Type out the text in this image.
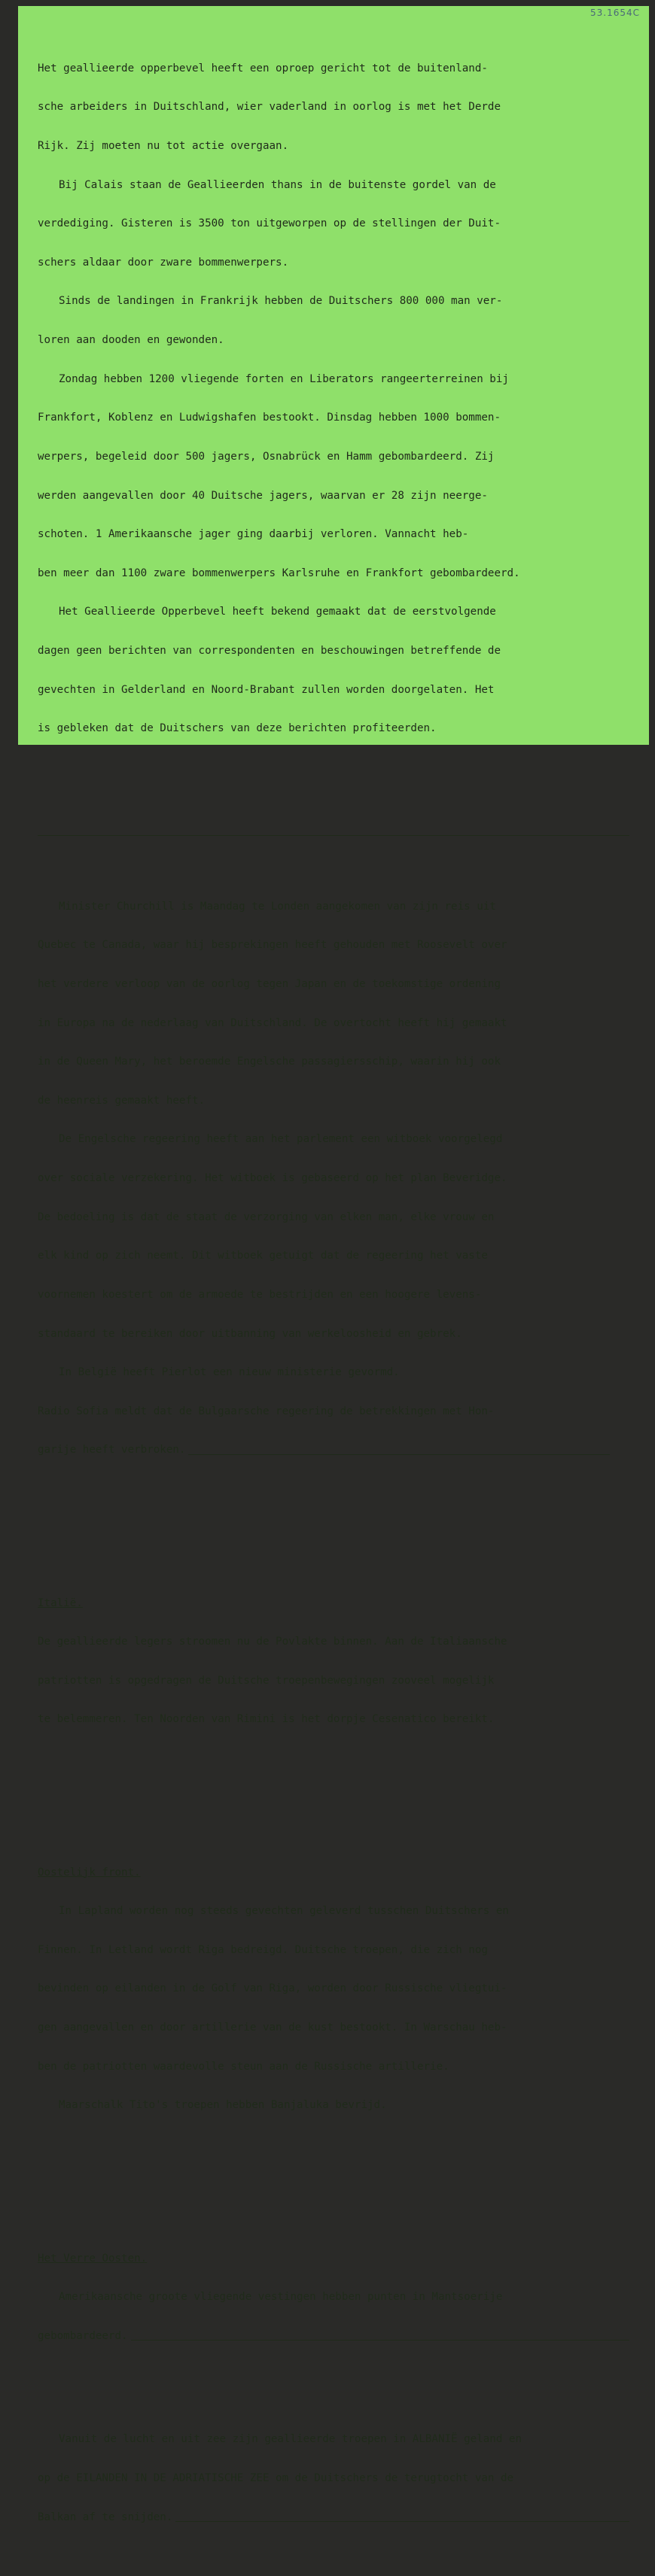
53.1654C

Het geallieerde opperbevel heeft een oproep gericht tot de buitenland-

sche arbeiders in Duitschland, wier vaderland in oorlog is met het Derde

Rijk. Zij moeten nu tot actie overgaan.

Bij Calais staan de Geallieerden thans in de buitenste gordel van de

verdediging. Gisteren is 3500 ton uitgeworpen op de stellingen der Duit-

schers aldaar door zware bommenwerpers.

Sinds de landingen in Frankrijk hebben de Duitschers 800 000 man ver-

loren aan dooden en gewonden.

Zondag hebben 1200 vliegende forten en Liberators rangeerterreinen bij

Frankfort, Koblenz en Ludwigshafen bestookt. Dinsdag hebben 1000 bommen-

werpers, begeleid door 500 jagers, Osnabrück en Hamm gebombardeerd. Zij

werden aangevallen door 40 Duitsche jagers, waarvan er 28 zijn neerge-

schoten. 1 Amerikaansche jager ging daarbij verloren. Vannacht heb-

ben meer dan 1100 zware bommenwerpers Karlsruhe en Frankfort gebombardeerd.

Het Geallieerde Opperbevel heeft bekend gemaakt dat de eerstvolgende

dagen geen berichten van correspondenten en beschouwingen betreffende de

gevechten in Gelderland en Noord-Brabant zullen worden doorgelaten. Het

is gebleken dat de Duitschers van deze berichten profiteerden.

Minister Churchill is Maandag te Londen aangekomen van zijn reis uit

Quebec te Canada, waar hij besprekingen heeft gehouden met Roosevelt over

het verdere verloop van de oorlog tegen Japan en de toekomstige ordening

in Europa na de nederlaag van Duitschland. De overtocht heeft hij gemaakt

in de Queen Mary, het beroemde Engelsche passagiersschip, waarin hij ook

de heenreis gemaakt heeft.

De Engelsche regeering heeft aan het parlement een witboek voorgelegd

over sociale verzekering. Het witboek is gebaseerd op het plan Beveridge.

De bedoeling is dat de staat de verzorging van elken man, elke vrouw en

elk kind op zich neemt. Dit witboek getuigt dat de regeering het vaste

voornemen koestert om de armoede te bestrijden en een hoogere levens-

standaard te bereiken door uitbanning van werkeloosheid en gebrek.

In België heeft Pierlot een nieuw ministerie gevormd.

Radio Sofia meldt dat de Bulgaarsche regeering de betrekkingen met Hon-

garije heeft verbroken.

Italië.

De geallieerde legers stroomen nu de Povlakte binnen. Aan de Italiaansche

patriotten is opgedragen de Duitsche troepenbewegingen zooveel mogelijk

te belemmeren. Ten Noorden van Rimini is het dorpje Cesenatico bereikt.

Oostelijk front.

In Lapland worden nog steeds gevechten geleverd tusschen Duitschers en

Finnen. In Letland wordt Riga bedreigd. Duitsche troepen, die zich nog

bevinden op eilanden in de Golf van Riga, worden door Russische vliegtui-

gen aangevallen en door artillerie van de kust bestookt. In Warschau heb-

ben de patriotten waardevolle steun aan de Russische artillerie.

Maarschalk Tito's troepen hebben Banjaluka bevrijd.

Het Verre Oosten.

Amerikaansche groote vliegende vestingen hebben punten in Mantsoerije

gebombardeerd.

Vanuit de lucht en uit zee zijn geallieerde troepen in ALBANIË geland en

op de EILANDEN IN DE ADRIATISCHE ZEE om de Duitschers de terugtocht van de

Balkan af te snijden.
